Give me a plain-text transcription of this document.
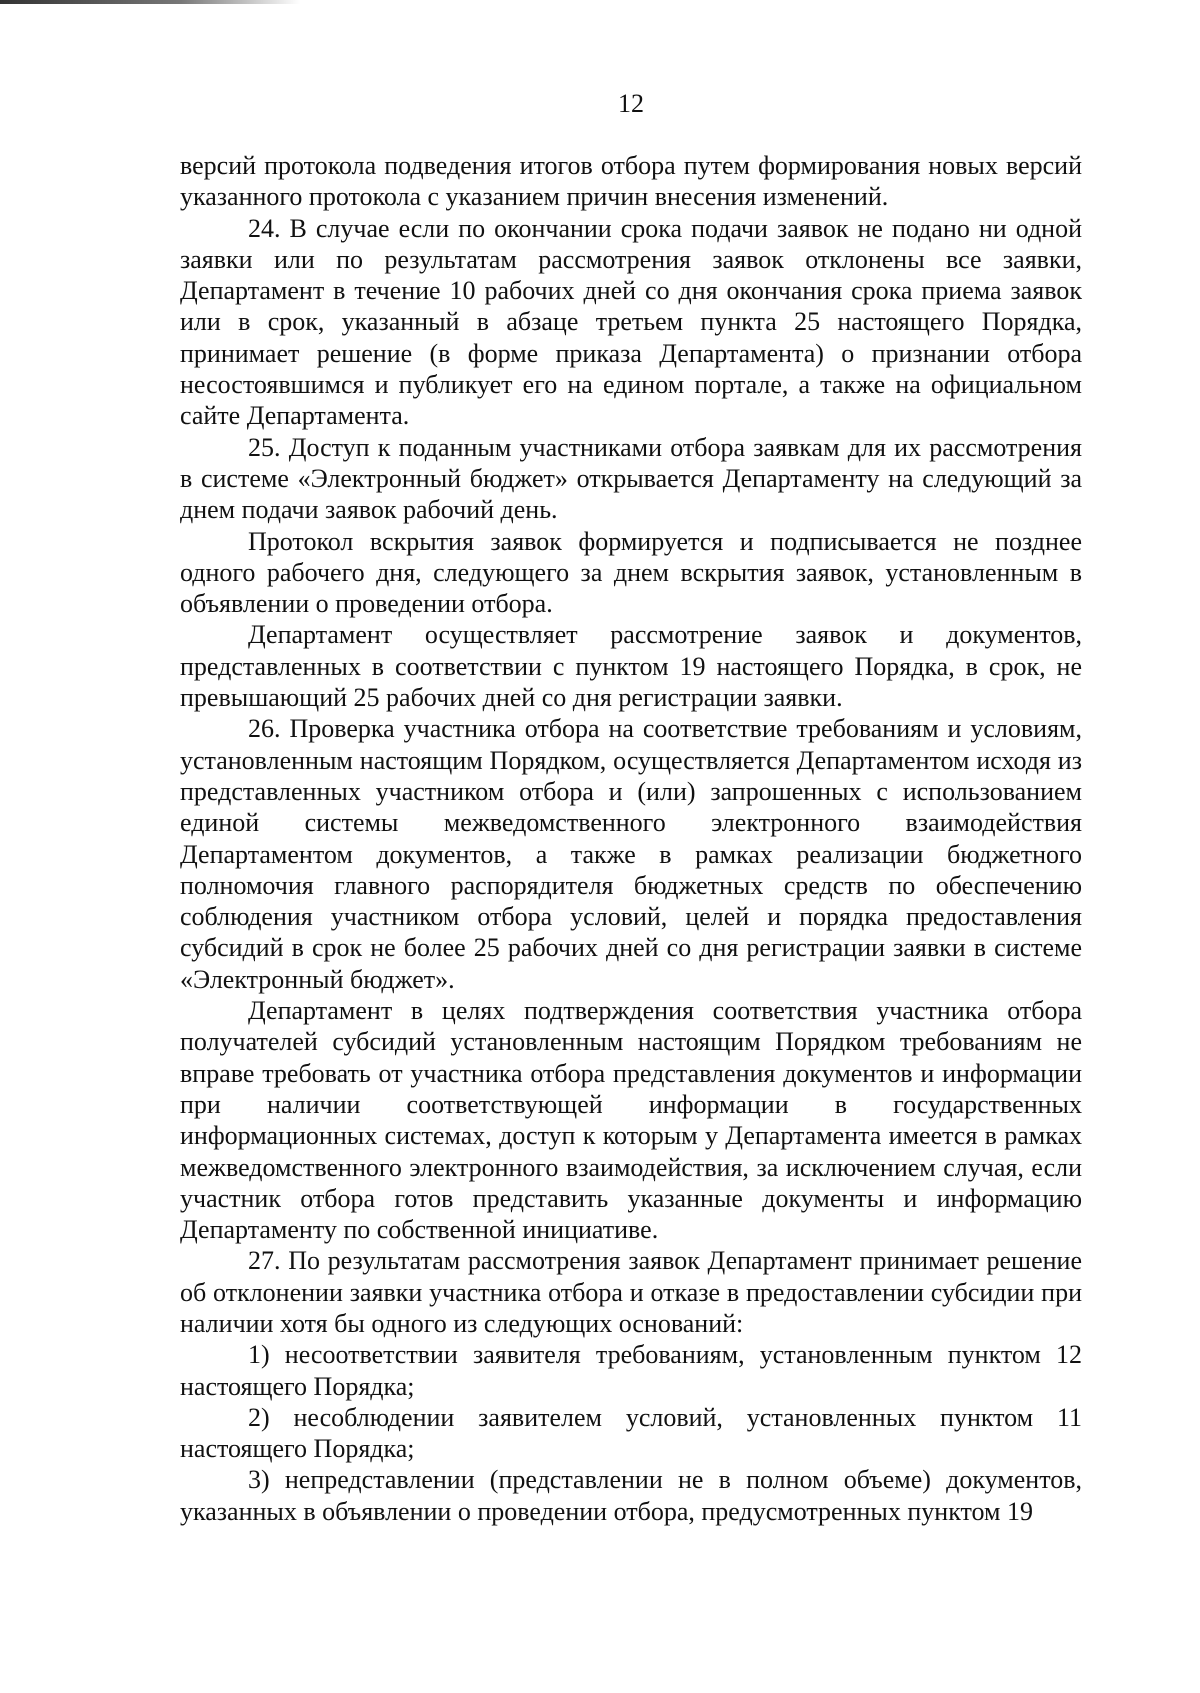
12

версий протокола подведения итогов отбора путем формирования новых версий указанного протокола с указанием причин внесения изменений.

24. В случае если по окончании срока подачи заявок не подано ни одной заявки или по результатам рассмотрения заявок отклонены все заявки, Департамент в течение 10 рабочих дней со дня окончания срока приема заявок или в срок, указанный в абзаце третьем пункта 25 настоящего Порядка, принимает решение (в форме приказа Департамента) о признании отбора несостоявшимся и публикует его на едином портале, а также на официальном сайте Департамента.

25. Доступ к поданным участниками отбора заявкам для их рассмотрения в системе «Электронный бюджет» открывается Департаменту на следующий за днем подачи заявок рабочий день.

Протокол вскрытия заявок формируется и подписывается не позднее одного рабочего дня, следующего за днем вскрытия заявок, установленным в объявлении о проведении отбора.

Департамент осуществляет рассмотрение заявок и документов, представленных в соответствии с пунктом 19 настоящего Порядка, в срок, не превышающий 25 рабочих дней со дня регистрации заявки.

26. Проверка участника отбора на соответствие требованиям и условиям, установленным настоящим Порядком, осуществляется Департаментом исходя из представленных участником отбора и (или) запрошенных с использованием единой системы межведомственного электронного взаимодействия Департаментом документов, а также в рамках реализации бюджетного полномочия главного распорядителя бюджетных средств по обеспечению соблюдения участником отбора условий, целей и порядка предоставления субсидий в срок не более 25 рабочих дней со дня регистрации заявки в системе «Электронный бюджет».

Департамент в целях подтверждения соответствия участника отбора получателей субсидий установленным настоящим Порядком требованиям не вправе требовать от участника отбора представления документов и информации при наличии соответствующей информации в государственных информационных системах, доступ к которым у Департамента имеется в рамках межведомственного электронного взаимодействия, за исключением случая, если участник отбора готов представить указанные документы и информацию Департаменту по собственной инициативе.

27. По результатам рассмотрения заявок Департамент принимает решение об отклонении заявки участника отбора и отказе в предоставлении субсидии при наличии хотя бы одного из следующих оснований:

1) несоответствии заявителя требованиям, установленным пунктом 12 настоящего Порядка;

2) несоблюдении заявителем условий, установленных пунктом 11 настоящего Порядка;

3) непредставлении (представлении не в полном объеме) документов, указанных в объявлении о проведении отбора, предусмотренных пунктом 19
